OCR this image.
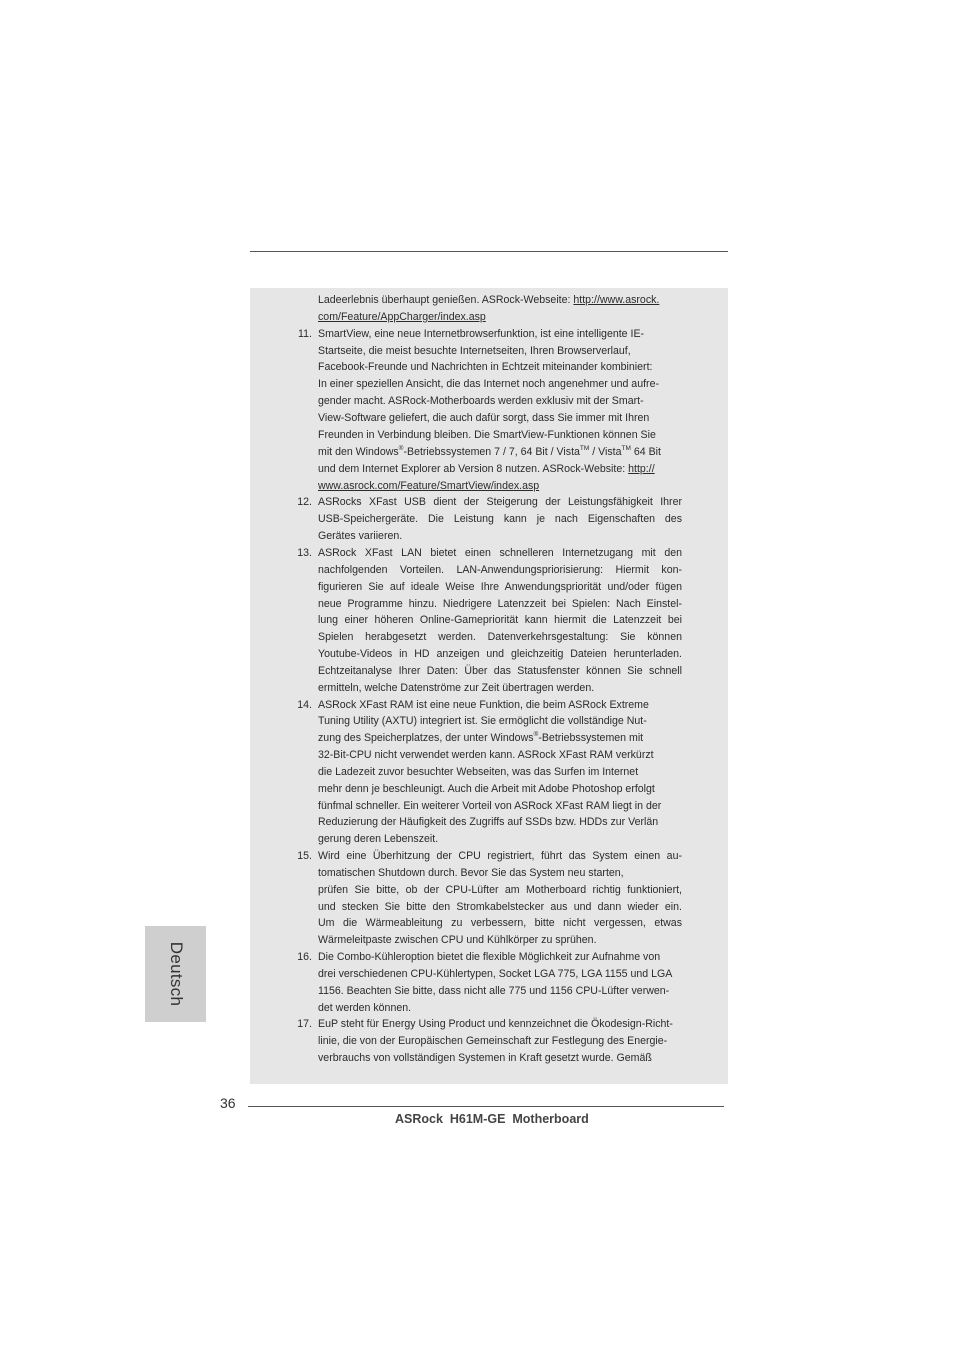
Deutsch
Ladeerlebnis überhaupt genießen. ASRock-Webseite: http://www.asrock.
com/Feature/AppCharger/index.asp
11. SmartView, eine neue Internetbrowserfunktion, ist eine intelligente IE-
Startseite, die meist besuchte Internetseiten, Ihren Browserverlauf,
Facebook-Freunde und Nachrichten in Echtzeit miteinander kombiniert:
In einer speziellen Ansicht, die das Internet noch angenehmer und aufre-
gender macht. ASRock-Motherboards werden exklusiv mit der Smart-
View-Software geliefert, die auch dafür sorgt, dass Sie immer mit Ihren
Freunden in Verbindung bleiben. Die SmartView-Funktionen können Sie
mit den Windows®-Betriebssystemen 7 / 7, 64 Bit / Vista™ / Vista™ 64 Bit
und dem Internet Explorer ab Version 8 nutzen. ASRock-Website: http://
www.asrock.com/Feature/SmartView/index.asp
12. ASRocks XFast USB dient der Steigerung der Leistungsfähigkeit Ihrer
USB-Speichergeräte. Die Leistung kann je nach Eigenschaften des
Gerätes variieren.
13. ASRock XFast LAN bietet einen schnelleren Internetzugang mit den
nachfolgenden Vorteilen. LAN-Anwendungspriorisierung: Hiermit kon-
figurieren Sie auf ideale Weise Ihre Anwendungspriorität und/oder fügen
neue Programme hinzu. Niedrigere Latenzzeit bei Spielen: Nach Einstel-
lung einer höheren Online-Gamepriorität kann hiermit die Latenzzeit bei
Spielen herabgesetzt werden. Datenverkehrsgestaltung: Sie können
Youtube-Videos in HD anzeigen und gleichzeitig Dateien herunterladen.
Echtzeitanalyse Ihrer Daten: Über das Statusfenster können Sie schnell
ermitteln, welche Datenströme zur Zeit übertragen werden.
14. ASRock XFast RAM ist eine neue Funktion, die beim ASRock Extreme
Tuning Utility (AXTU) integriert ist. Sie ermöglicht die vollständige Nut-
zung des Speicherplatzes, der unter Windows®-Betriebssystemen mit
32-Bit-CPU nicht verwendet werden kann. ASRock XFast RAM verkürzt
die Ladezeit zuvor besuchter Webseiten, was das Surfen im Internet
mehr denn je beschleunigt. Auch die Arbeit mit Adobe Photoshop erfolgt
fünfmal schneller. Ein weiterer Vorteil von ASRock XFast RAM liegt in der
Reduzierung der Häufigkeit des Zugriffs auf SSDs bzw. HDDs zur Verlän
gerung deren Lebenszeit.
15. Wird eine Überhitzung der CPU registriert, führt das System einen au-
tomatischen Shutdown durch. Bevor Sie das System neu starten,
prüfen Sie bitte, ob der CPU-Lüfter am Motherboard richtig funktioniert,
und stecken Sie bitte den Stromkabelstecker aus und dann wieder ein.
Um die Wärmeableitung zu verbessern, bitte nicht vergessen, etwas
Wärmeleitpaste zwischen CPU und Kühlkörper zu sprühen.
16. Die Combo-Kühleroption bietet die flexible Möglichkeit zur Aufnahme von
drei verschiedenen CPU-Kühlertypen, Socket LGA 775, LGA 1155 und LGA
1156. Beachten Sie bitte, dass nicht alle 775 und 1156 CPU-Lüfter verwen-
det werden können.
17. EuP steht für Energy Using Product und kennzeichnet die Ökodesign-Richt-
linie, die von der Europäischen Gemeinschaft zur Festlegung des Energie-
verbrauchs von vollständigen Systemen in Kraft gesetzt wurde. Gemäß
36
ASRock  H61M-GE  Motherboard
